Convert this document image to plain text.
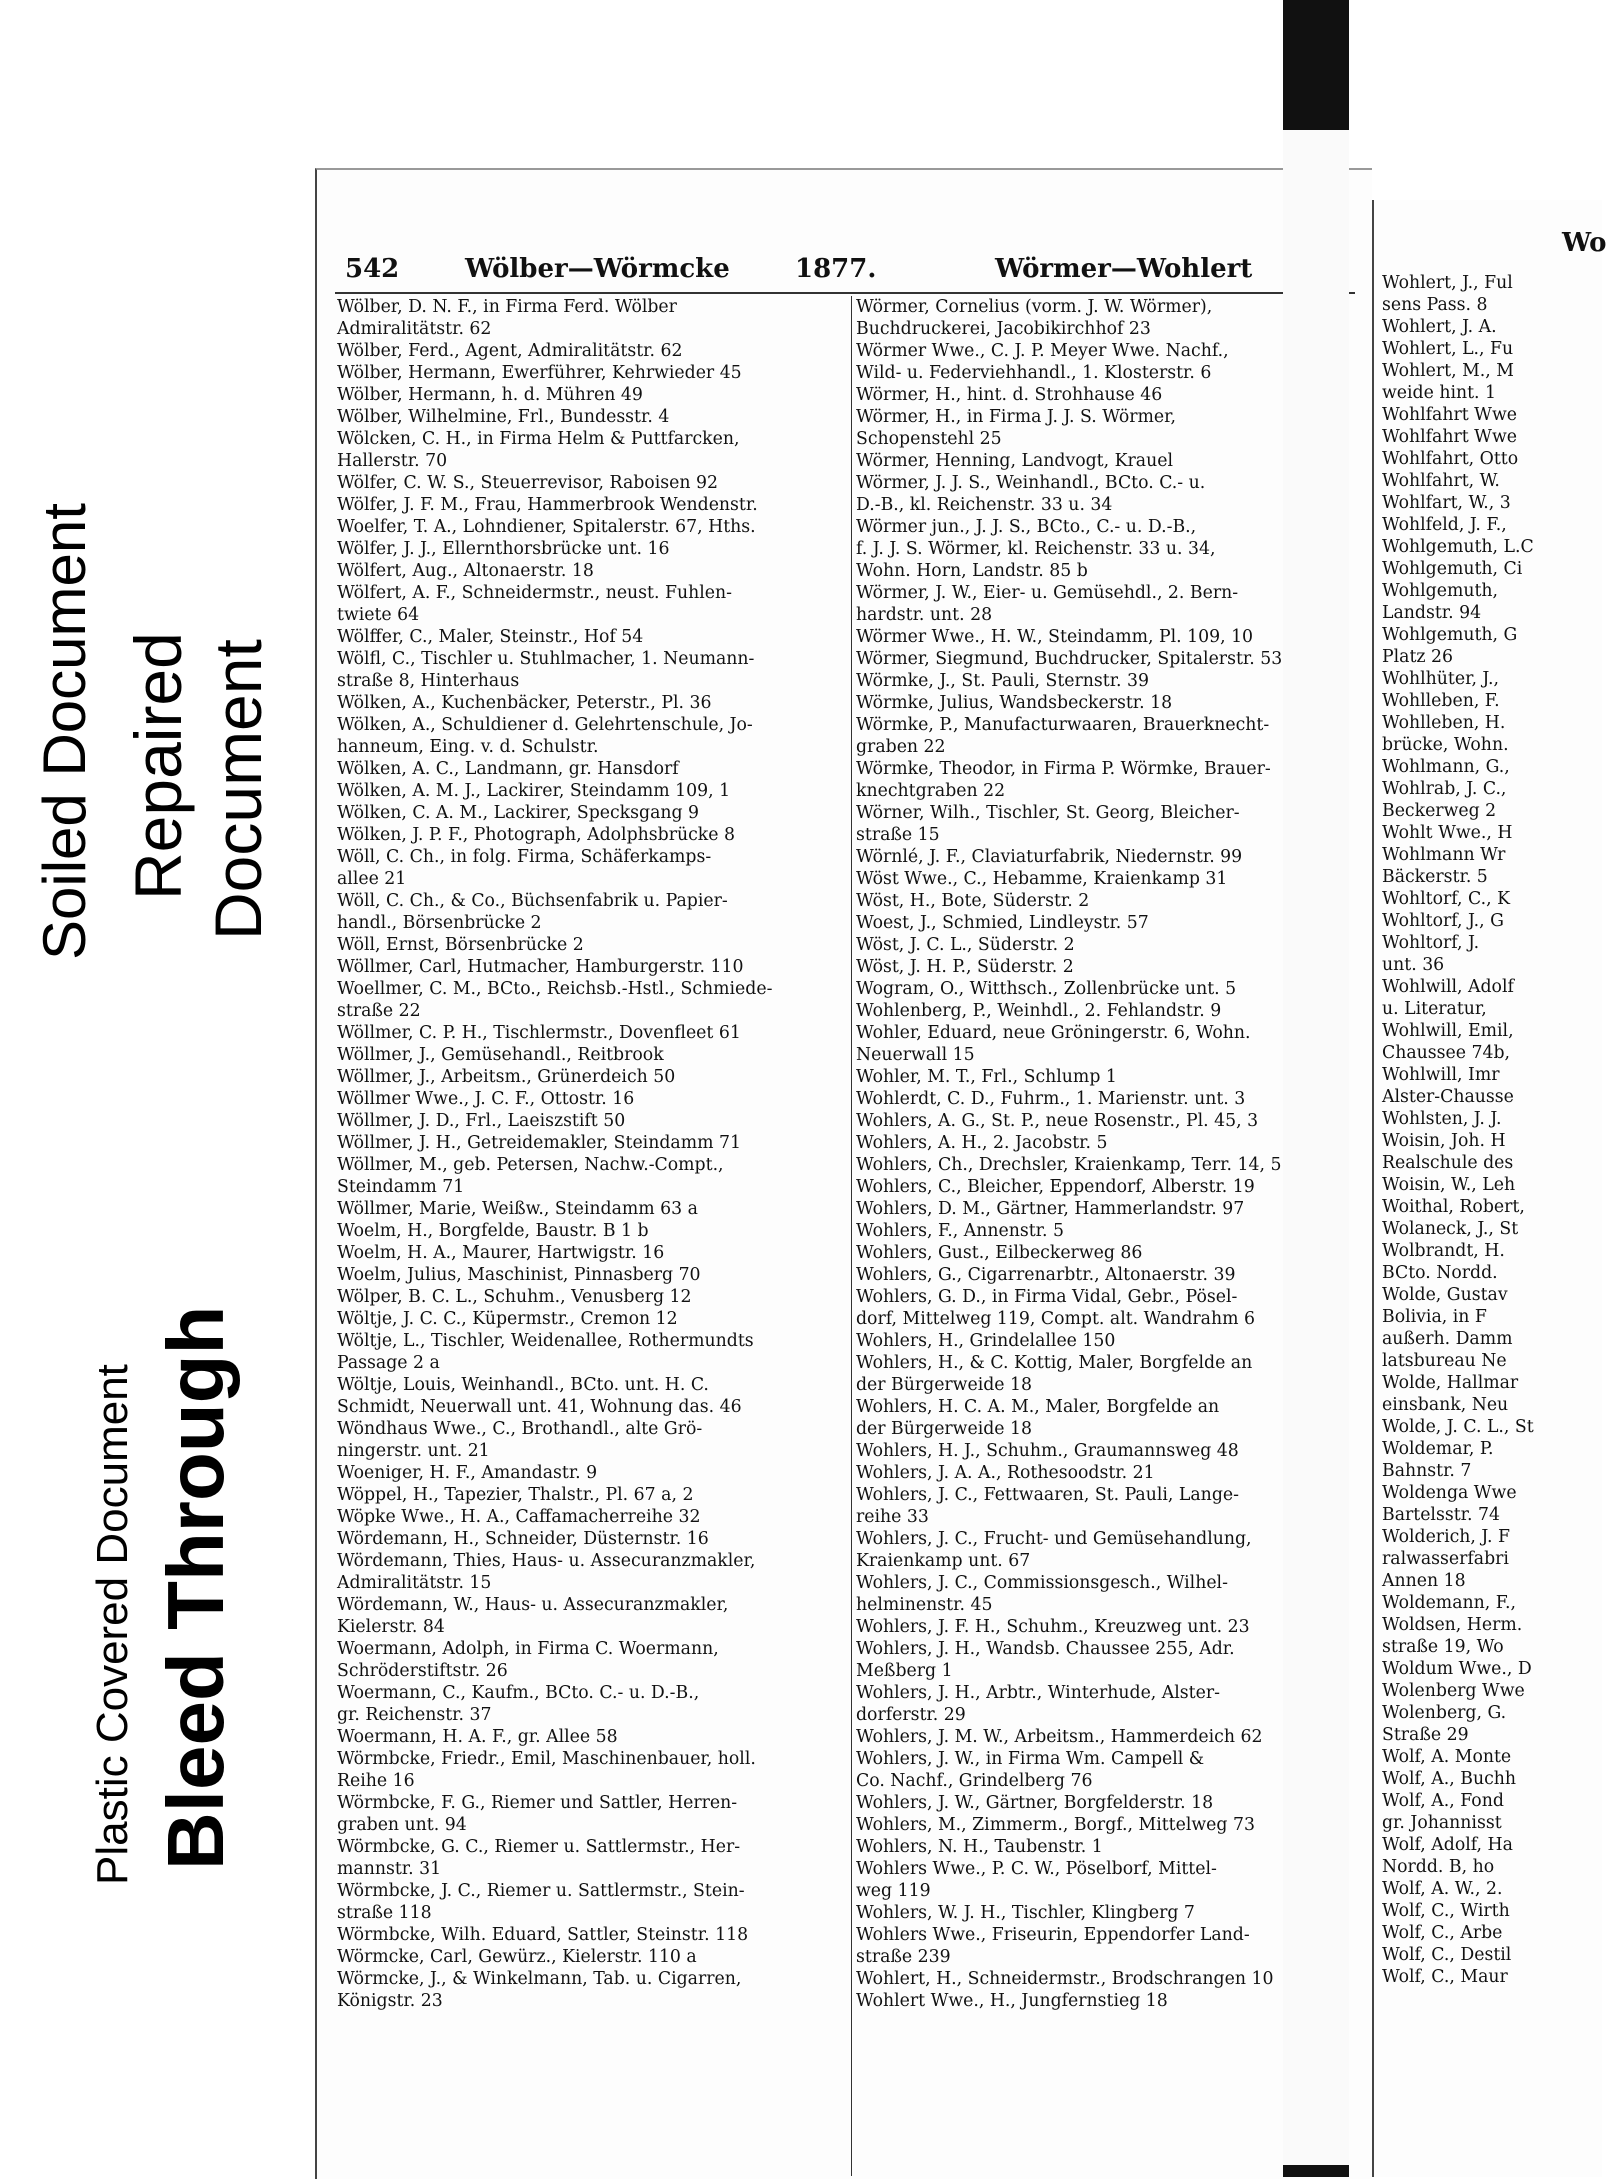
Soiled Document Repaired Document
Plastic Covered Document Bleed Through
542	Wölber—Wörmcke	1877.	Wörmer—Wohlert
Wölber, D. N. F., in Firma Ferd. Wölber
Admiralitätstr. 62
Wölber, Ferd., Agent, Admiralitätstr. 62
Wölber, Hermann, Ewerführer, Kehrwieder 45
Wölber, Hermann, h. d. Mühren 49
Wölber, Wilhelmine, Frl., Bundesstr. 4
Wölcken, C. H., in Firma Helm & Puttfarcken,
Hallerstr. 70
Wölfer, C. W. S., Steuerrevisor, Raboisen 92
Wölfer, J. F. M., Frau, Hammerbrook Wendenstr.
Woelfer, T. A., Lohndiener, Spitalerstr. 67, Hths.
Wölfer, J. J., Ellernthorsbrücke unt. 16
Wölfert, Aug., Altonaerstr. 18
Wölfert, A. F., Schneidermstr., neust. Fuhlen-
twiete 64
Wölffer, C., Maler, Steinstr., Hof 54
Wölfl, C., Tischler u. Stuhlmacher, 1. Neumann-
straße 8, Hinterhaus
Wölken, A., Kuchenbäcker, Peterstr., Pl. 36
Wölken, A., Schuldiener d. Gelehrtenschule, Jo-
hanneum, Eing. v. d. Schulstr.
Wölken, A. C., Landmann, gr. Hansdorf
Wölken, A. M. J., Lackirer, Steindamm 109, 1
Wölken, C. A. M., Lackirer, Specksgang 9
Wölken, J. P. F., Photograph, Adolphsbrücke 8
Wöll, C. Ch., in folg. Firma, Schäferkamps-
allee 21
Wöll, C. Ch., & Co., Büchsenfabrik u. Papier-
handl., Börsenbrücke 2
Wöll, Ernst, Börsenbrücke 2
Wöllmer, Carl, Hutmacher, Hamburgerstr. 110
Woellmer, C. M., BCto., Reichsb.-Hstl., Schmiede-
straße 22
Wöllmer, C. P. H., Tischlermstr., Dovenfleet 61
Wöllmer, J., Gemüsehandl., Reitbrook
Wöllmer, J., Arbeitsm., Grünerdeich 50
Wöllmer Wwe., J. C. F., Ottostr. 16
Wöllmer, J. D., Frl., Laeiszstift 50
Wöllmer, J. H., Getreidemakler, Steindamm 71
Wöllmer, M., geb. Petersen, Nachw.-Compt.,
Steindamm 71
Wöllmer, Marie, Weißw., Steindamm 63 a
Woelm, H., Borgfelde, Baustr. B 1 b
Woelm, H. A., Maurer, Hartwigstr. 16
Woelm, Julius, Maschinist, Pinnasberg 70
Wölper, B. C. L., Schuhm., Venusberg 12
Wöltje, J. C. C., Küpermstr., Cremon 12
Wöltje, L., Tischler, Weidenallee, Rothermundts
Passage 2 a
Wöltje, Louis, Weinhandl., BCto. unt. H. C.
Schmidt, Neuerwall unt. 41, Wohnung das. 46
Wöndhaus Wwe., C., Brothandl., alte Grö-
ningerstr. unt. 21
Woeniger, H. F., Amandastr. 9
Wöppel, H., Tapezier, Thalstr., Pl. 67 a, 2
Wöpke Wwe., H. A., Caffamacherreihe 32
Wördemann, H., Schneider, Düsternstr. 16
Wördemann, Thies, Haus- u. Assecuranzmakler,
Admiralitätstr. 15
Wördemann, W., Haus- u. Assecuranzmakler,
Kielerstr. 84
Woermann, Adolph, in Firma C. Woermann,
Schröderstiftstr. 26
Woermann, C., Kaufm., BCto. C.- u. D.-B.,
gr. Reichenstr. 37
Woermann, H. A. F., gr. Allee 58
Wörmbcke, Friedr., Emil, Maschinenbauer, holl.
Reihe 16
Wörmbcke, F. G., Riemer und Sattler, Herren-
graben unt. 94
Wörmbcke, G. C., Riemer u. Sattlermstr., Her-
mannstr. 31
Wörmbcke, J. C., Riemer u. Sattlermstr., Stein-
straße 118
Wörmbcke, Wilh. Eduard, Sattler, Steinstr. 118
Wörmcke, Carl, Gewürz., Kielerstr. 110 a
Wörmcke, J., & Winkelmann, Tab. u. Cigarren,
Königstr. 23
Wörmer, Cornelius (vorm. J. W. Wörmer),
Buchdruckerei, Jacobikirchhof 23
Wörmer Wwe., C. J. P. Meyer Wwe. Nachf.,
Wild- u. Federviehhandl., 1. Klosterstr. 6
Wörmer, H., hint. d. Strohhause 46
Wörmer, H., in Firma J. J. S. Wörmer,
Schopenstehl 25
Wörmer, Henning, Landvogt, Krauel
Wörmer, J. J. S., Weinhandl., BCto. C.- u.
D.-B., kl. Reichenstr. 33 u. 34
Wörmer jun., J. J. S., BCto., C.- u. D.-B.,
f. J. J. S. Wörmer, kl. Reichenstr. 33 u. 34,
Wohn. Horn, Landstr. 85 b
Wörmer, J. W., Eier- u. Gemüsehdl., 2. Bern-
hardstr. unt. 28
Wörmer Wwe., H. W., Steindamm, Pl. 109, 10
Wörmer, Siegmund, Buchdrucker, Spitalerstr. 53
Wörmke, J., St. Pauli, Sternstr. 39
Wörmke, Julius, Wandsbeckerstr. 18
Wörmke, P., Manufacturwaaren, Brauerknecht-
graben 22
Wörmke, Theodor, in Firma P. Wörmke, Brauer-
knechtgraben 22
Wörner, Wilh., Tischler, St. Georg, Bleicher-
straße 15
Wörnlé, J. F., Claviaturfabrik, Niedernstr. 99
Wöst Wwe., C., Hebamme, Kraienkamp 31
Wöst, H., Bote, Süderstr. 2
Woest, J., Schmied, Lindleystr. 57
Wöst, J. C. L., Süderstr. 2
Wöst, J. H. P., Süderstr. 2
Wogram, O., Witthsch., Zollenbrücke unt. 5
Wohlenberg, P., Weinhdl., 2. Fehlandstr. 9
Wohler, Eduard, neue Gröningerstr. 6, Wohn.
Neuerwall 15
Wohler, M. T., Frl., Schlump 1
Wohlerdt, C. D., Fuhrm., 1. Marienstr. unt. 3
Wohlers, A. G., St. P., neue Rosenstr., Pl. 45, 3
Wohlers, A. H., 2. Jacobstr. 5
Wohlers, Ch., Drechsler, Kraienkamp, Terr. 14, 5
Wohlers, C., Bleicher, Eppendorf, Alberstr. 19
Wohlers, D. M., Gärtner, Hammerlandstr. 97
Wohlers, F., Annenstr. 5
Wohlers, Gust., Eilbeckerweg 86
Wohlers, G., Cigarrenarbtr., Altonaerstr. 39
Wohlers, G. D., in Firma Vidal, Gebr., Pösel-
dorf, Mittelweg 119, Compt. alt. Wandrahm 6
Wohlers, H., Grindelallee 150
Wohlers, H., & C. Kottig, Maler, Borgfelde an
der Bürgerweide 18
Wohlers, H. C. A. M., Maler, Borgfelde an
der Bürgerweide 18
Wohlers, H. J., Schuhm., Graumannsweg 48
Wohlers, J. A. A., Rothesoodstr. 21
Wohlers, J. C., Fettwaaren, St. Pauli, Lange-
reihe 33
Wohlers, J. C., Frucht- und Gemüsehandlung,
Kraienkamp unt. 67
Wohlers, J. C., Commissionsgesch., Wilhel-
helminenstr. 45
Wohlers, J. F. H., Schuhm., Kreuzweg unt. 23
Wohlers, J. H., Wandsb. Chaussee 255, Adr.
Meßberg 1
Wohlers, J. H., Arbtr., Winterhude, Alster-
dorferstr. 29
Wohlers, J. M. W., Arbeitsm., Hammerdeich 62
Wohlers, J. W., in Firma Wm. Campell &
Co. Nachf., Grindelberg 76
Wohlers, J. W., Gärtner, Borgfelderstr. 18
Wohlers, M., Zimmerm., Borgf., Mittelweg 73
Wohlers, N. H., Taubenstr. 1
Wohlers Wwe., P. C. W., Pöselborf, Mittel-
weg 119
Wohlers, W. J. H., Tischler, Klingberg 7
Wohlers Wwe., Friseurin, Eppendorfer Land-
straße 239
Wohlert, H., Schneidermstr., Brodschrangen 10
Wohlert Wwe., H., Jungfernstieg 18
Wo
Wohlert, J., Ful
sens Pass. 8
Wohlert, J. A.
Wohlert, L., Fu
Wohlert, M., M
weide hint. 1
Wohlfahrt Wwe
Wohlfahrt Wwe
Wohlfahrt, Otto
Wohlfahrt, W.
Wohlfart, W., 3
Wohlfeld, J. F.,
Wohlgemuth, L.C
Wohlgemuth, Ci
Wohlgemuth,
Landstr. 94
Wohlgemuth, G
Platz 26
Wohlhüter, J.,
Wohlleben, F.
Wohlleben, H.
brücke, Wohn.
Wohlmann, G.,
Wohlrab, J. C.,
Beckerweg 2
Wohlt Wwe., H
Wohlmann Wr
Bäckerstr. 5
Wohltorf, C., K
Wohltorf, J., G
Wohltorf, J.
unt. 36
Wohlwill, Adolf
u. Literatur,
Wohlwill, Emil,
Chaussee 74b,
Wohlwill, Imr
Alster-Chausse
Wohlsten, J. J.
Woisin, Joh. H
Realschule des
Woisin, W., Leh
Woithal, Robert,
Wolaneck, J., St
Wolbrandt, H.
BCto. Nordd.
Wolde, Gustav
Bolivia, in F
außerh. Damm
latsbureau Ne
Wolde, Hallmar
einsbank, Neu
Wolde, J. C. L., St
Woldemar, P.
Bahnstr. 7
Woldenga Wwe
Bartelsstr. 74
Wolderich, J. F
ralwasserfabri
Annen 18
Woldemann, F.,
Woldsen, Herm.
straße 19, Wo
Woldum Wwe., D
Wolenberg Wwe
Wolenberg, G.
Straße 29
Wolf, A. Monte
Wolf, A., Buchh
Wolf, A., Fond
gr. Johannisst
Wolf, Adolf, Ha
Nordd. B, ho
Wolf, A. W., 2.
Wolf, C., Wirth
Wolf, C., Arbe
Wolf, C., Destil
Wolf, C., Maur
